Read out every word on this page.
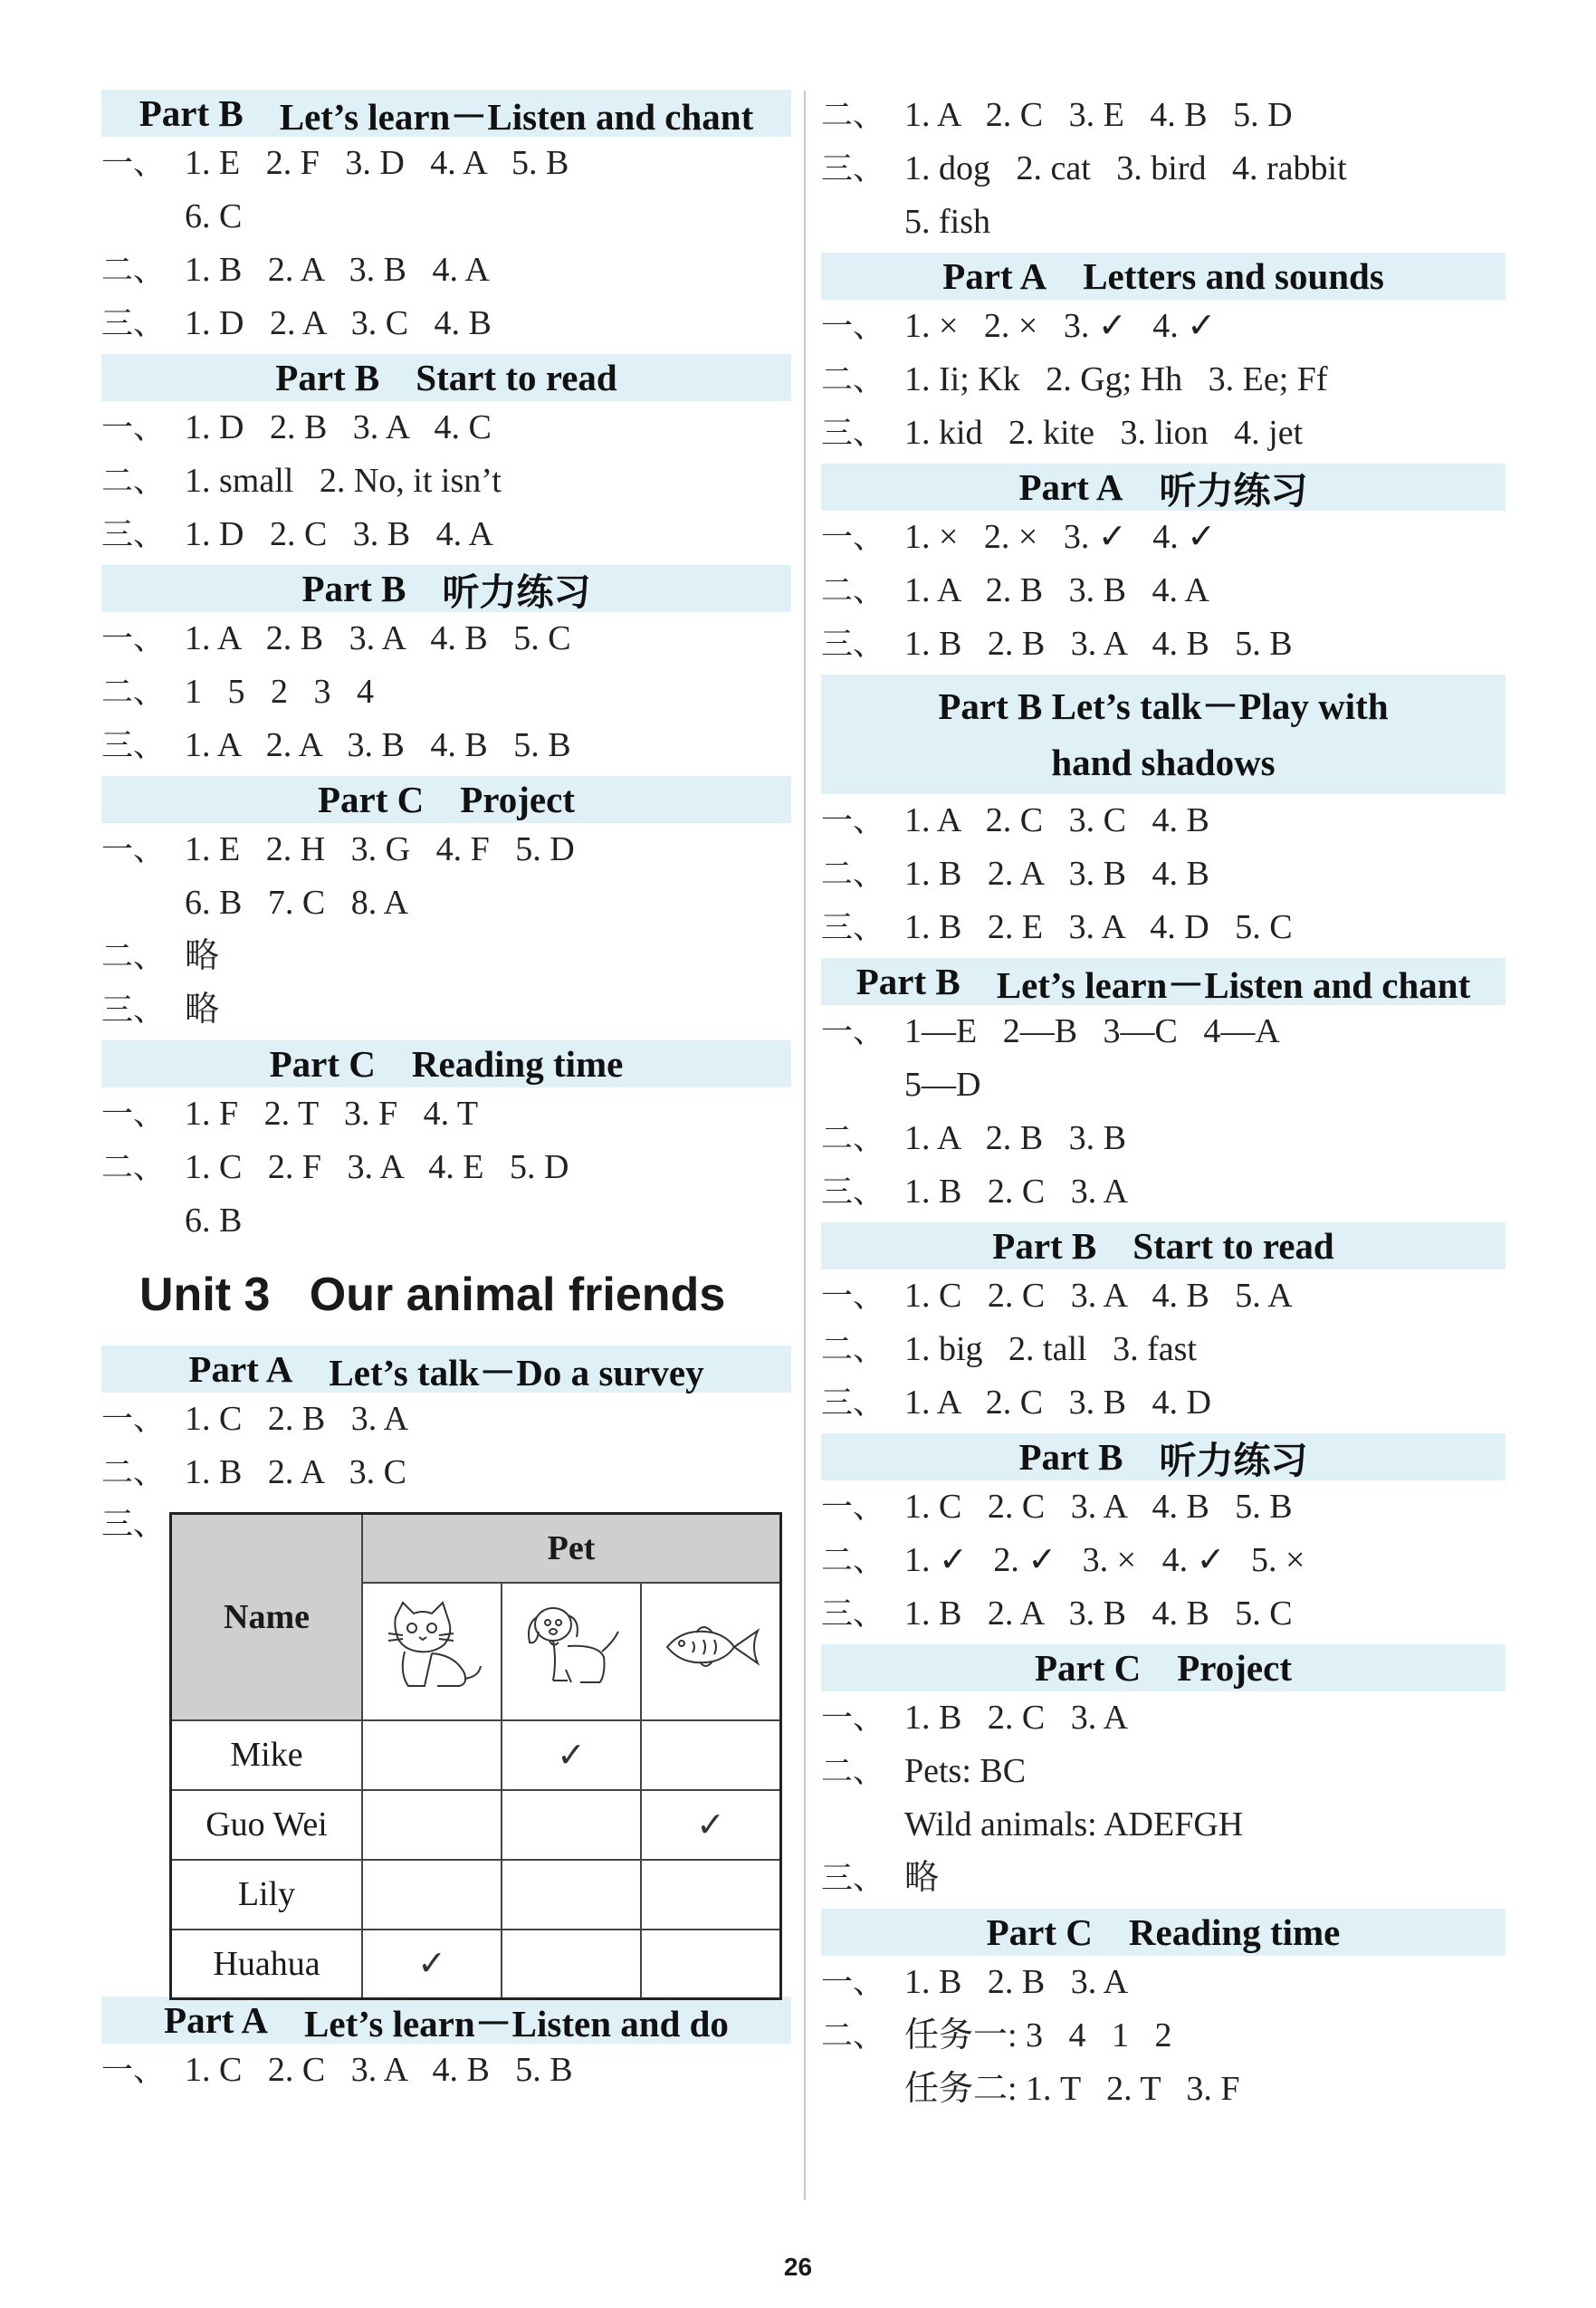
Part B Let’s learn－Listen and chant
一、 1. E   2. F   3. D   4. A   5. B
6. C
二、 1. B   2. A   3. B   4. A
三、 1. D   2. A   3. C   4. B
Part B Start to read
一、 1. D   2. B   3. A   4. C
二、 1. small   2. No, it isn’t
三、 1. D   2. C   3. B   4. A
Part B 听力练习
一、 1. A   2. B   3. A   4. B   5. C
二、 1   5   2   3   4
三、 1. A   2. A   3. B   4. B   5. B
Part C Project
一、 1. E   2. H   3. G   4. F   5. D
6. B   7. C   8. A
二、 略
三、 略
Part C Reading time
一、 1. F   2. T   3. F   4. T
二、 1. C   2. F   3. A   4. E   5. D
6. B
Unit 3   Our animal friends
Part A Let’s talk－Do a survey
一、 1. C   2. B   3. A
二、 1. B   2. A   3. C
三、
Name	Pet		

Mike		✓	
Guo Wei			✓
Lily			
Huahua	✓		
Part A Let’s learn－Listen and do
一、 1. C   2. C   3. A   4. B   5. B
二、 1. A   2. C   3. E   4. B   5. D
三、 1. dog   2. cat   3. bird   4. rabbit
5. fish
Part A Letters and sounds
一、 1. ×   2. ×   3. ✓   4. ✓
二、 1. Ii; Kk   2. Gg; Hh   3. Ee; Ff
三、 1. kid   2. kite   3. lion   4. jet
Part A 听力练习
一、 1. ×   2. ×   3. ✓   4. ✓
二、 1. A   2. B   3. B   4. A
三、 1. B   2. B   3. A   4. B   5. B
Part B Let’s talk－Play with
hand shadows
一、 1. A   2. C   3. C   4. B
二、 1. B   2. A   3. B   4. B
三、 1. B   2. E   3. A   4. D   5. C
Part B Let’s learn－Listen and chant
一、 1—E   2—B   3—C   4—A
5—D
二、 1. A   2. B   3. B
三、 1. B   2. C   3. A
Part B Start to read
一、 1. C   2. C   3. A   4. B   5. A
二、 1. big   2. tall   3. fast
三、 1. A   2. C   3. B   4. D
Part B 听力练习
一、 1. C   2. C   3. A   4. B   5. B
二、 1. ✓   2. ✓   3. ×   4. ✓   5. ×
三、 1. B   2. A   3. B   4. B   5. C
Part C Project
一、 1. B   2. C   3. A
二、 Pets: BC
Wild animals: ADEFGH
三、 略
Part C Reading time
一、 1. B   2. B   3. A
二、 任务一: 3   4   1   2
任务二: 1. T   2. T   3. F
26
